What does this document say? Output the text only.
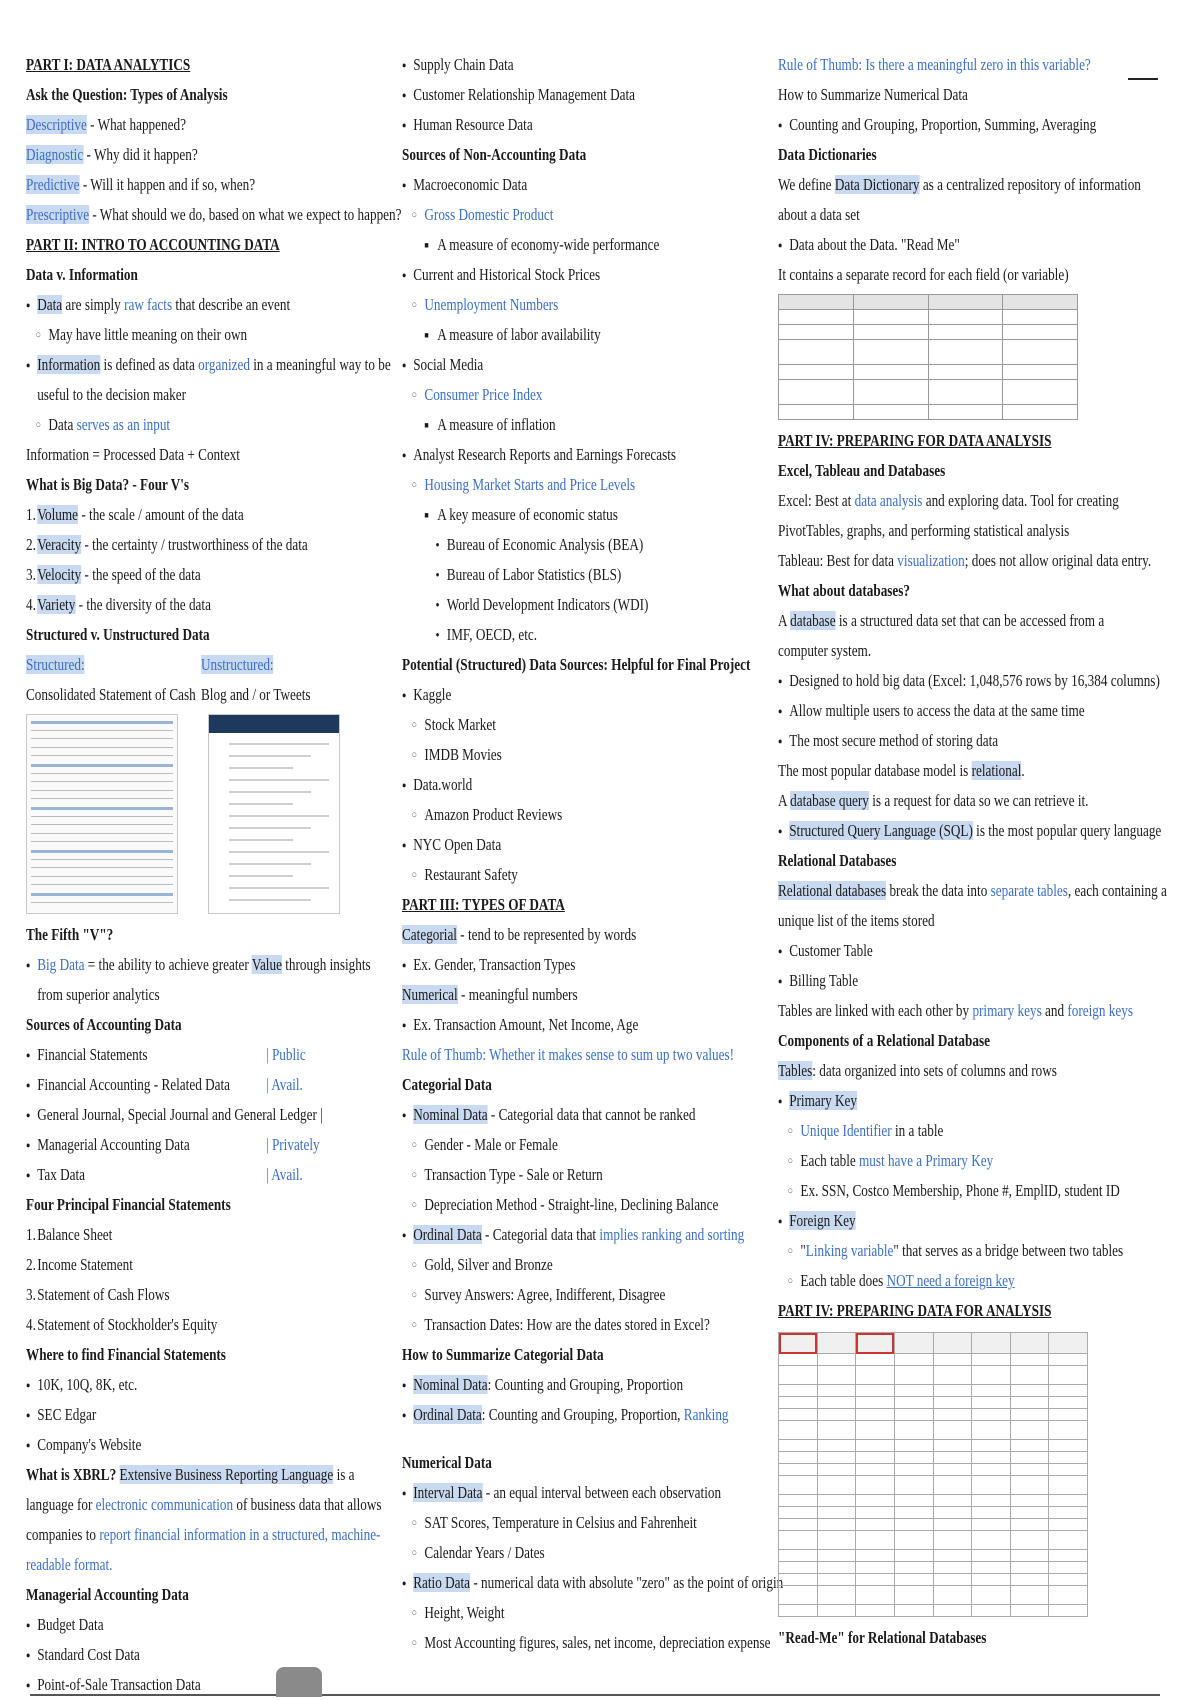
PART I: DATA ANALYTICS
Ask the Question: Types of Analysis
Descriptive - What happened?
Diagnostic - Why did it happen?
Predictive - Will it happen and if so, when?
Prescriptive - What should we do, based on what we expect to happen?
PART II: INTRO TO ACCOUNTING DATA
Data v. Information
● Data are simply raw facts that describe an event
○ May have little meaning on their own
● Information is defined as data organized in a meaningful way to be
useful to the decision maker
○ Data serves as an input
Information = Processed Data + Context
What is Big Data? - Four V's
1. Volume - the scale / amount of the data
2. Veracity - the certainty / trustworthiness of the data
3. Velocity - the speed of the data
4. Variety - the diversity of the data
Structured v. Unstructured Data
Structured:	Unstructured:
Consolidated Statement of Cash Blog and / or Tweets
The Fifth "V"?
● Big Data = the ability to achieve greater Value through insights
from superior analytics
Sources of Accounting Data
● Financial Statements	| Public
● Financial Accounting - Related Data | Avail.
● General Journal, Special Journal and General Ledger |
● Managerial Accounting Data	| Privately
● Tax Data	| Avail.
Four Principal Financial Statements
1. Balance Sheet
2. Income Statement
3. Statement of Cash Flows
4. Statement of Stockholder's Equity
Where to find Financial Statements
● 10K, 10Q, 8K, etc.
● SEC Edgar
● Company's Website
What is XBRL? Extensive Business Reporting Language is a
language for electronic communication of business data that allows
companies to report financial information in a structured, machine-
readable format.
Managerial Accounting Data
● Budget Data
● Standard Cost Data
● Point-of-Sale Transaction Data
● Supply Chain Data
● Customer Relationship Management Data
● Human Resource Data
Sources of Non-Accounting Data
● Macroeconomic Data
○ Gross Domestic Product
■ A measure of economy-wide performance
● Current and Historical Stock Prices
○ Unemployment Numbers
■ A measure of labor availability
● Social Media
○ Consumer Price Index
■ A measure of inflation
● Analyst Research Reports and Earnings Forecasts
○ Housing Market Starts and Price Levels
■ A key measure of economic status
● Bureau of Economic Analysis (BEA)
● Bureau of Labor Statistics (BLS)
● World Development Indicators (WDI)
● IMF, OECD, etc.
Potential (Structured) Data Sources: Helpful for Final Project
● Kaggle
○ Stock Market
○ IMDB Movies
● Data.world
○ Amazon Product Reviews
● NYC Open Data
○ Restaurant Safety
PART III: TYPES OF DATA
Categorial - tend to be represented by words
● Ex. Gender, Transaction Types
Numerical - meaningful numbers
● Ex. Transaction Amount, Net Income, Age
Rule of Thumb: Whether it makes sense to sum up two values!
Categorial Data
● Nominal Data - Categorial data that cannot be ranked
○ Gender - Male or Female
○ Transaction Type - Sale or Return
○ Depreciation Method - Straight-line, Declining Balance
● Ordinal Data - Categorial data that implies ranking and sorting
○ Gold, Silver and Bronze
○ Survey Answers: Agree, Indifferent, Disagree
○ Transaction Dates: How are the dates stored in Excel?
How to Summarize Categorial Data
● Nominal Data: Counting and Grouping, Proportion
● Ordinal Data: Counting and Grouping, Proportion, Ranking
Numerical Data
● Interval Data - an equal interval between each observation
○ SAT Scores, Temperature in Celsius and Fahrenheit
○ Calendar Years / Dates
● Ratio Data - numerical data with absolute "zero" as the point of origin
○ Height, Weight
○ Most Accounting figures, sales, net income, depreciation expense
Rule of Thumb: Is there a meaningful zero in this variable?
How to Summarize Numerical Data
● Counting and Grouping, Proportion, Summing, Averaging
Data Dictionaries
We define Data Dictionary as a centralized repository of information
about a data set
● Data about the Data. "Read Me"
It contains a separate record for each field (or variable)

PART IV: PREPARING FOR DATA ANALYSIS
Excel, Tableau and Databases
Excel: Best at data analysis and exploring data. Tool for creating
PivotTables, graphs, and performing statistical analysis
Tableau: Best for data visualization; does not allow original data entry.
What about databases?
A database is a structured data set that can be accessed from a
computer system.
● Designed to hold big data (Excel: 1,048,576 rows by 16,384 columns)
● Allow multiple users to access the data at the same time
● The most secure method of storing data
The most popular database model is relational.
A database query is a request for data so we can retrieve it.
● Structured Query Language (SQL) is the most popular query language
Relational Databases
Relational databases break the data into separate tables, each containing a
unique list of the items stored
● Customer Table
● Billing Table
Tables are linked with each other by primary keys and foreign keys
Components of a Relational Database
Tables: data organized into sets of columns and rows
● Primary Key
○ Unique Identifier in a table
○ Each table must have a Primary Key
○ Ex. SSN, Costco Membership, Phone #, EmplID, student ID
● Foreign Key
○ "Linking variable" that serves as a bridge between two tables
○ Each table does NOT need a foreign key
PART IV: PREPARING DATA FOR ANALYSIS

"Read-Me" for Relational Databases
